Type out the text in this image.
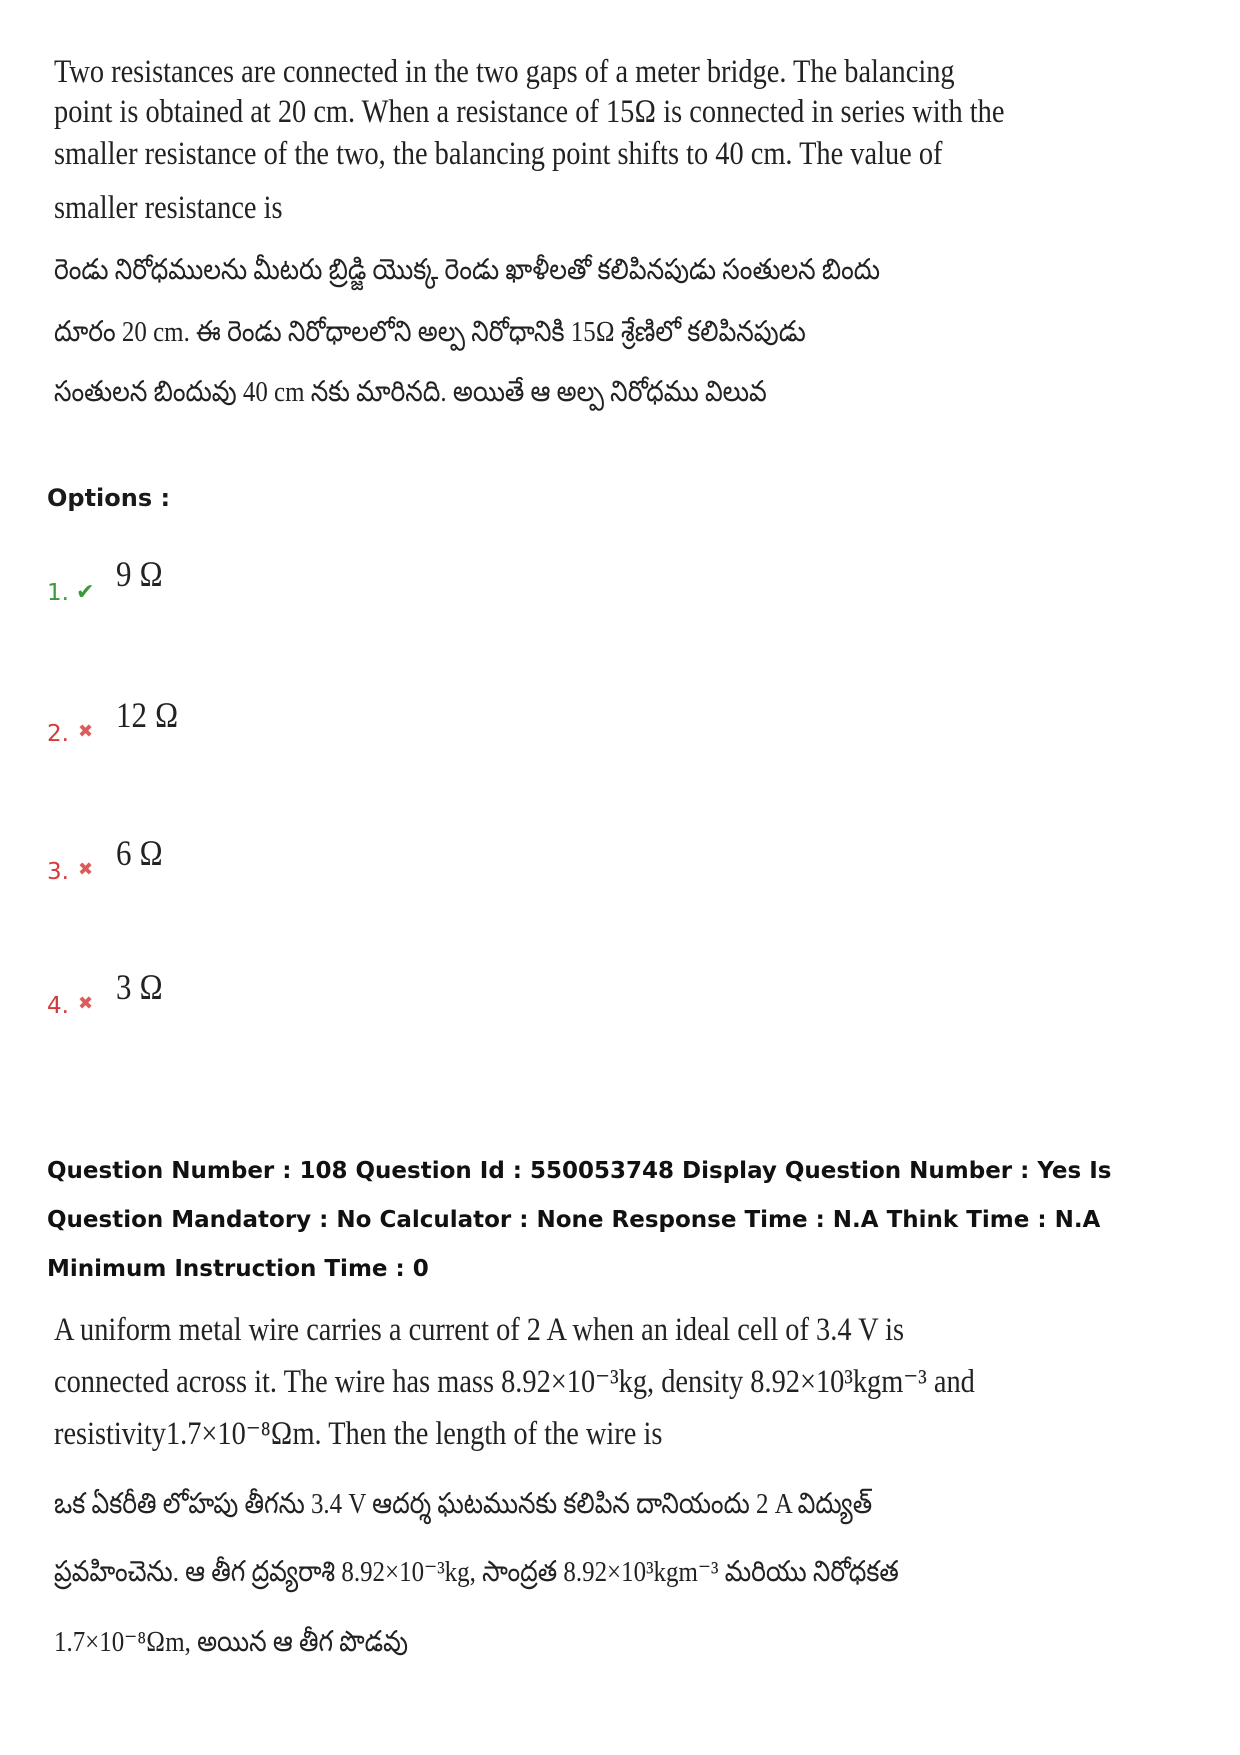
Two resistances are connected in the two gaps of a meter bridge. The balancing
point is obtained at 20 cm. When a resistance of 15Ω is connected in series with the
smaller resistance of the two, the balancing point shifts to 40 cm. The value of
smaller resistance is
రెండు నిరోధములను మీటరు బ్రిడ్జి యొక్క రెండు ఖాళీలతో కలిపినపుడు సంతులన బిందు
దూరం 20 cm. ఈ రెండు నిరోధాలలోని అల్ప నిరోధానికి 15Ω శ్రేణిలో కలిపినపుడు
సంతులన బిందువు 40 cm నకు మారినది. అయితే ఆ అల్ప నిరోధము విలువ
Options :
1. ✔ 9 Ω
2. ✖ 12 Ω
3. ✖ 6 Ω
4. ✖ 3 Ω
Question Number : 108 Question Id : 550053748 Display Question Number : Yes Is Question Mandatory : No Calculator : None Response Time : N.A Think Time : N.A Minimum Instruction Time : 0
A uniform metal wire carries a current of 2 A when an ideal cell of 3.4 V is
connected across it. The wire has mass 8.92×10⁻³kg, density 8.92×10³kgm⁻³ and
resistivity1.7×10⁻⁸Ωm. Then the length of the wire is
ఒక ఏకరీతి లోహపు తీగను 3.4 V ఆదర్శ ఘటమునకు కలిపిన దానియందు 2 A విద్యుత్
ప్రవహించెను. ఆ తీగ ద్రవ్యరాశి 8.92×10⁻³kg, సాంద్రత 8.92×10³kgm⁻³ మరియు నిరోధకత
1.7×10⁻⁸Ωm, అయిన ఆ తీగ పొడవు
